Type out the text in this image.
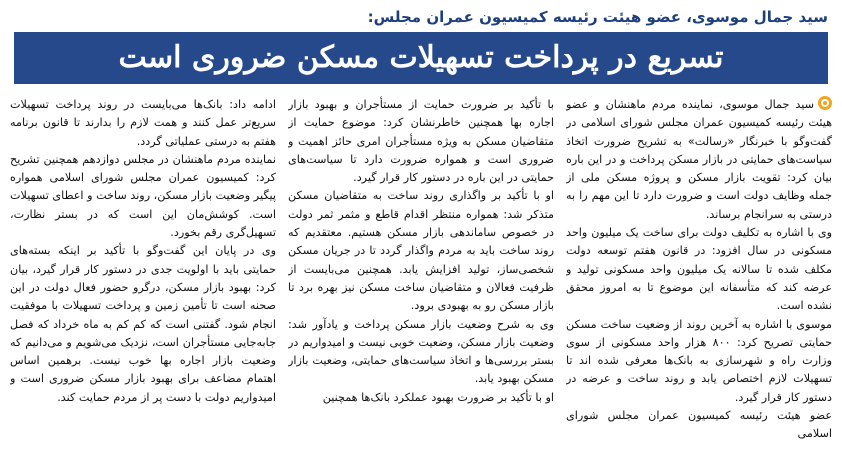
سید جمال موسوی، عضو هیئت رئیسه کمیسیون عمران مجلس:
تسریع در پرداخت تسهیلات مسکن ضروری است

سید جمال موسوی، نماینده مردم ماهنشان و عضو هیئت رئیسه کمیسیون عمران مجلس شورای اسلامی در گفت‌وگو با خبرنگار «رسالت» به تشریح ضرورت اتخاذ سیاست‌های حمایتی در بازار مسکن پرداخت و در این باره بیان کرد: تقویت بازار مسکن و پروژه مسکن ملی از جمله وظایف دولت است و ضرورت دارد تا این مهم را به درستی به سرانجام برساند.

وی با اشاره به تکلیف دولت برای ساخت یک میلیون واحد مسکونی در سال افزود: در قانون هفتم توسعه دولت مکلف شده تا سالانه یک میلیون واحد مسکونی تولید و عرضه کند که متأسفانه این موضوع تا به امروز محقق نشده است.

موسوی با اشاره به آخرین روند از وضعیت ساخت مسکن حمایتی تصریح کرد: ۸۰۰ هزار واحد مسکونی از سوی وزارت راه و شهرسازی به بانک‌ها معرفی شده اند تا تسهیلات لازم اختصاص یابد و روند ساخت و عرضه در دستور کار قرار گیرد.

عضو هیئت رئیسه کمیسیون عمران مجلس شورای اسلامی

با تأکید بر ضرورت حمایت از مستأجران و بهبود بازار اجاره بها همچنین خاطرنشان کرد: موضوع حمایت از متقاضیان مسکن به ویژه مستأجران امری حائز اهمیت و ضروری است و همواره ضرورت دارد تا سیاست‌های حمایتی در این باره در دستور کار قرار گیرد.

او با تأکید بر واگذاری روند ساخت به متقاضیان مسکن متذکر شد: همواره منتظر اقدام قاطع و مثمر ثمر دولت در خصوص ساماندهی بازار مسکن هستیم. معتقدیم که روند ساخت باید به مردم واگذار گردد تا در جریان مسکن شخصی‌ساز، تولید افزایش یابد. همچنین می‌بایست از ظرفیت فعالان و متقاضیان ساخت مسکن نیز بهره برد تا بازار مسکن رو به بهبودی برود.

وی به شرح وضعیت بازار مسکن پرداخت و یادآور شد: وضعیت بازار مسکن، وضعیت خوبی نیست و امیدواریم در بستر بررسی‌ها و اتخاذ سیاست‌های حمایتی، وضعیت بازار مسکن بهبود یابد.

او با تأکید بر ضرورت بهبود عملکرد بانک‌ها همچنین

ادامه داد: بانک‌ها می‌بایست در روند پرداخت تسهیلات سریع‌تر عمل کنند و همت لازم را بدارند تا قانون برنامه هفتم به درستی عملیاتی گردد.

نماینده مردم ماهنشان در مجلس دوازدهم همچنین تشریح کرد: کمیسیون عمران مجلس شورای اسلامی همواره پیگیر وضعیت بازار مسکن، روند ساخت و اعطای تسهیلات است. کوشش‌مان این است که در بستر نظارت، تسهیل‌گری رقم بخورد.

وی در پایان این گفت‌وگو با تأکید بر اینکه بسته‌های حمایتی باید با اولویت جدی در دستور کار قرار گیرد، بیان کرد: بهبود بازار مسکن، درگرو حضور فعال دولت در این صحنه است تا تأمین زمین و پرداخت تسهیلات با موفقیت انجام شود. گفتنی است که کم کم به ماه خرداد که فصل جابه‌جایی مستأجران است، نزدیک می‌شویم و می‌دانیم که وضعیت بازار اجاره بها خوب نیست. برهمین اساس اهتمام مضاعف برای بهبود بازار مسکن ضروری است و امیدواریم دولت با دست پر از مردم حمایت کند.
